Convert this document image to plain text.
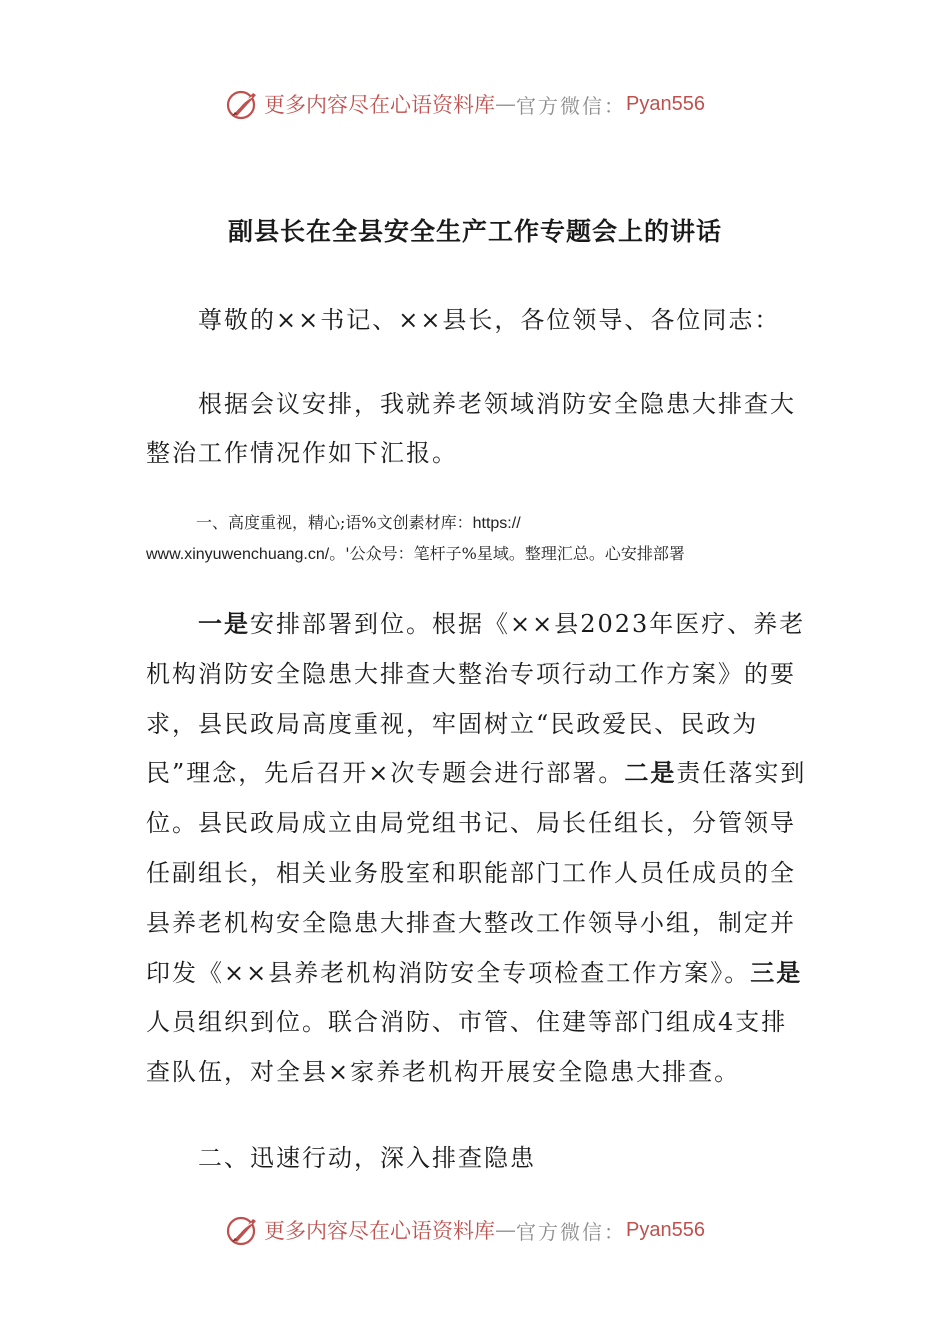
更多内容尽在心语资料库 — 官方微信： Pyan556
副县长在全县安全生产工作专题会上的讲话

尊敬的××书记、××县长，各位领导、各位同志：

根据会议安排，我就养老领域消防安全隐患大排查大整治工作情况作如下汇报。

一、高度重视，精心;语%文创素材库：https://
www.xinyuwenchuang.cn/。'公众号：笔杆子%星域。整理汇总。心安排部署

一是安排部署到位。根据《××县2023年医疗、养老机构消防安全隐患大排查大整治专项行动工作方案》的要求，县民政局高度重视，牢固树立“民政爱民、民政为民”理念，先后召开×次专题会进行部署。二是责任落实到位。县民政局成立由局党组书记、局长任组长，分管领导任副组长，相关业务股室和职能部门工作人员任成员的全县养老机构安全隐患大排查大整改工作领导小组，制定并印发《××县养老机构消防安全专项检查工作方案》。三是人员组织到位。联合消防、市管、住建等部门组成4支排查队伍，对全县×家养老机构开展安全隐患大排查。

二、迅速行动，深入排查隐患

更多内容尽在心语资料库 — 官方微信： Pyan556
